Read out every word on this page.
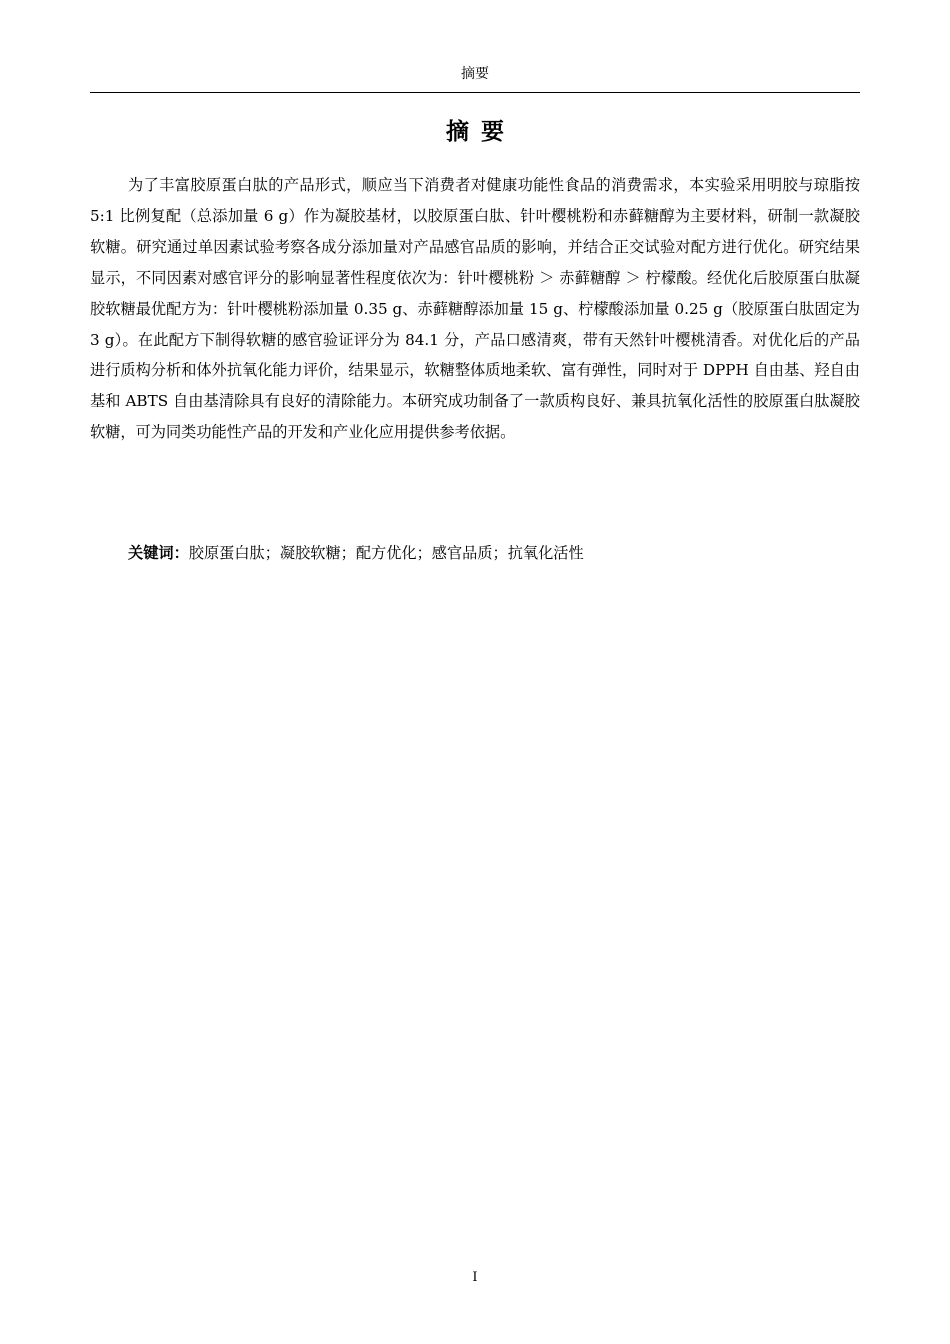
摘要
摘要

为了丰富胶原蛋白肽的产品形式，顺应当下消费者对健康功能性食品的消费需求，本实验采用明胶与琼脂按 5:1 比例复配（总添加量 6 g）作为凝胶基材，以胶原蛋白肽、针叶樱桃粉和赤藓糖醇为主要材料，研制一款凝胶软糖。研究通过单因素试验考察各成分添加量对产品感官品质的影响，并结合正交试验对配方进行优化。研究结果显示，不同因素对感官评分的影响显著性程度依次为：针叶樱桃粉 ＞ 赤藓糖醇 ＞ 柠檬酸。经优化后胶原蛋白肽凝胶软糖最优配方为：针叶樱桃粉添加量 0.35 g、赤藓糖醇添加量 15 g、柠檬酸添加量 0.25 g（胶原蛋白肽固定为 3 g）。在此配方下制得软糖的感官验证评分为 84.1 分，产品口感清爽，带有天然针叶樱桃清香。对优化后的产品进行质构分析和体外抗氧化能力评价，结果显示，软糖整体质地柔软、富有弹性，同时对于 DPPH 自由基、羟自由基和 ABTS 自由基清除具有良好的清除能力。本研究成功制备了一款质构良好、兼具抗氧化活性的胶原蛋白肽凝胶软糖，可为同类功能性产品的开发和产业化应用提供参考依据。

关键词：胶原蛋白肽；凝胶软糖；配方优化；感官品质；抗氧化活性

I
